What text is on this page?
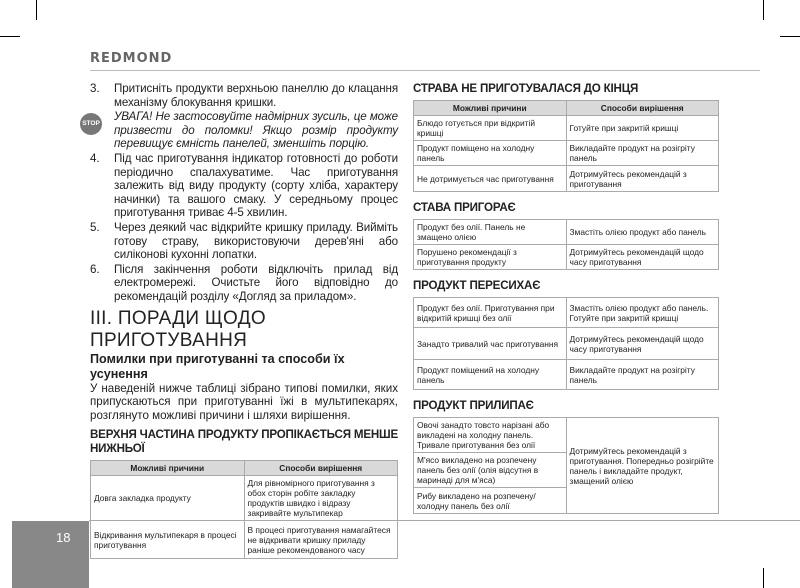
REDMOND
STOP
3.	Притисніть продукти верхньою панеллю до клацання механізму блокування кришки.
УВАГА! Не застосовуйте надмірних зусиль, це може призвести до поломки! Якщо розмір продукту перевищує ємність панелей, зменшіть порцію.
4.	Під час приготування індикатор готовності до роботи періодично спалахуватиме. Час приготування залежить від виду продукту (сорту хліба, характеру начинки) та вашого смаку. У середньому процес приготування триває 4-5 хвилин.
5.	Через деякий час відкрийте кришку приладу. Вийміть готову страву, використовуючи дерев'яні або силіконові кухонні лопатки.
6.	Після закінчення роботи відключіть прилад від електромережі. Очистьте його відповідно до рекомендацій розділу «Догляд за приладом».
III. ПОРАДИ ЩОДО ПРИГОТУВАННЯ
Помилки при приготуванні та способи їх усунення
У наведеній нижче таблиці зібрано типові помилки, яких припускаються при приготуванні їжі в мультипекарях, розглянуто можливі причини і шляхи вирішення.
ВЕРХНЯ ЧАСТИНА ПРОДУКТУ ПРОПІКАЄТЬСЯ МЕНШЕ НИЖНЬОЇ
Можливі причини	Способи вирішення
Довга закладка продукту	Для рівномірного приготування з обох сторін робіте закладку продуктів швидко і відразу закривайте мультипекар
Відкривання мультипекаря в процесі приготування	В процесі приготування намагайтеся не відкривати кришку приладу раніше рекомендованого часу
СТРАВА НЕ ПРИГОТУВАЛАСЯ ДО КІНЦЯ
Можливі причини	Способи вирішення
Блюдо готується при відкритій кришці	Готуйте при закритій кришці
Продукт поміщено на холодну панель	Викладайте продукт на розігріту панель
Не дотримується час приготування	Дотримуйтесь рекомендацій з приготування
СТАВА ПРИГОРАЄ
Продукт без олії. Панель не змащено олією	Змастіть олією продукт або панель
Порушено рекомендації з приготування продукту	Дотримуйтесь рекомендацій щодо часу приготування
ПРОДУКТ ПЕРЕСИХАЄ
Продукт без олії. Приготування при відкритій кришці без олії	Змастіть олією продукт або панель. Готуйте при закритій кришці
Занадто тривалий час приготування	Дотримуйтесь рекомендацій щодо часу приготування
Продукт поміщений на холодну панель	Викладайте продукт на розігріту панель
ПРОДУКТ ПРИЛИПАЄ
Овочі занадто товсто нарізані або викладені на холодну панель. Тривале приготування без олії	Дотримуйтесь рекомендацій з приготування. Попередньо розігрійте панель і викладайте продукт, змащений олією
М'ясо викладено на розпечену панель без олії (олія відсутня в маринаді для м'яса)
Рибу викладено на розпечену/холодну панель без олії
18
